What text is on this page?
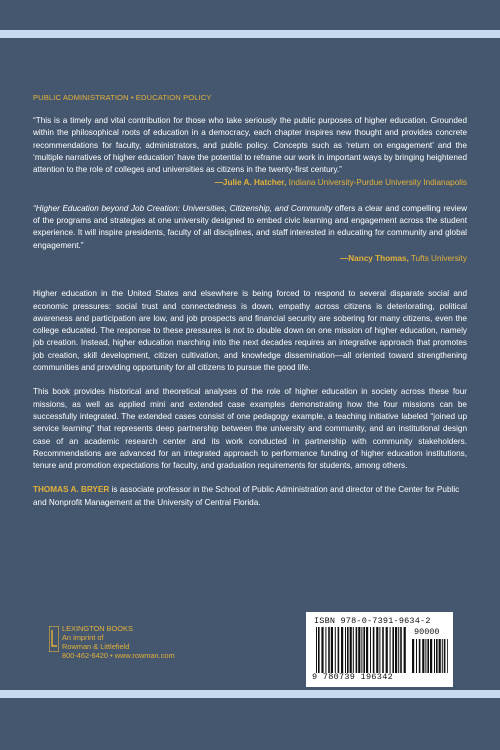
PUBLIC ADMINISTRATION • EDUCATION POLICY
“This is a timely and vital contribution for those who take seriously the public purposes of higher education. Grounded within the philosophical roots of education in a democracy, each chapter inspires new thought and provides concrete recommendations for faculty, administrators, and public policy. Concepts such as ‘return on engagement’ and the ‘multiple narratives of higher education’ have the potential to reframe our work in important ways by bringing heightened attention to the role of colleges and universities as citizens in the twenty-first century.”
—Julie A. Hatcher, Indiana University-Purdue University Indianapolis
“Higher Education beyond Job Creation: Universities, Citizenship, and Community offers a clear and compelling review of the programs and strategies at one university designed to embed civic learning and engagement across the student experience. It will inspire presidents, faculty of all disciplines, and staff interested in educating for community and global engagement.”
—Nancy Thomas, Tufts University
Higher education in the United States and elsewhere is being forced to respond to several disparate social and economic pressures: social trust and connectedness is down, empathy across citizens is deteriorating, political awareness and participation are low, and job prospects and financial security are sobering for many citizens, even the college educated. The response to these pressures is not to double down on one mission of higher education, namely job creation. Instead, higher education marching into the next decades requires an integrative approach that promotes job creation, skill development, citizen cultivation, and knowledge dissemination—all oriented toward strengthening communities and providing opportunity for all citizens to pursue the good life.
This book provides historical and theoretical analyses of the role of higher education in society across these four missions, as well as applied mini and extended case examples demonstrating how the four missions can be successfully integrated. The extended cases consist of one pedagogy example, a teaching initiative labeled “joined up service learning” that represents deep partnership between the university and community, and an institutional design case of an academic research center and its work conducted in partnership with community stakeholders. Recommendations are advanced for an integrated approach to performance funding of higher education institutions, tenure and promotion expectations for faculty, and graduation requirements for students, among others.
THOMAS A. BRYER is associate professor in the School of Public Administration and director of the Center for Public and Nonprofit Management at the University of Central Florida.
LEXINGTON BOOKS
An imprint of
Rowman & Littlefield
800-462-6420 • www.rowman.com
ISBN 978-0-7391-9634-2
90000
9 780739 196342
